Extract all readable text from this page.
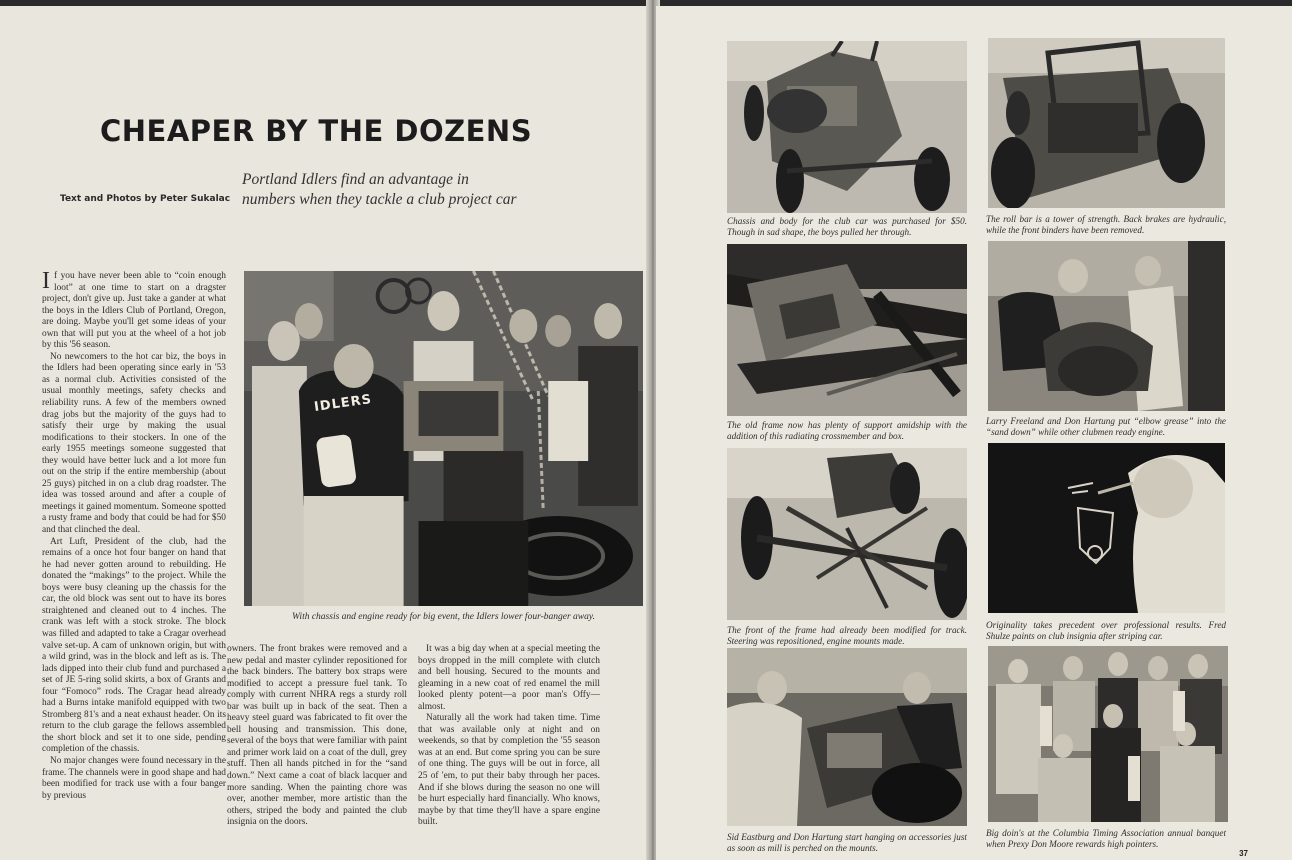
CHEAPER BY THE DOZENS
Text and Photos by Peter Sukalac
Portland Idlers find an advantage in numbers when they tackle a club project car

If you have never been able to “coin enough loot” at one time to start on a dragster project, don't give up. Just take a gander at what the boys in the Idlers Club of Portland, Oregon, are doing. Maybe you'll get some ideas of your own that will put you at the wheel of a hot job by this '56 season.

No newcomers to the hot car biz, the boys in the Idlers had been operating since early in '53 as a normal club. Activities consisted of the usual monthly meetings, safety checks and reliability runs. A few of the members owned drag jobs but the majority of the guys had to satisfy their urge by making the usual modifications to their stockers. In one of the early 1955 meetings someone suggested that they would have better luck and a lot more fun out on the strip if the entire membership (about 25 guys) pitched in on a club drag roadster. The idea was tossed around and after a couple of meetings it gained momentum. Someone spotted a rusty frame and body that could be had for $50 and that clinched the deal.

Art Luft, President of the club, had the remains of a once hot four banger on hand that he had never gotten around to rebuilding. He donated the “makings” to the project. While the boys were busy cleaning up the chassis for the car, the old block was sent out to have its bores straightened and cleaned out to 4 inches. The crank was left with a stock stroke. The block was filled and adapted to take a Cragar overhead valve set-up. A cam of unknown origin, but with a wild grind, was in the block and left as is. The lads dipped into their club fund and purchased a set of JE 5-ring solid skirts, a box of Grants and four “Fomoco” rods. The Cragar head already had a Burns intake manifold equipped with two Stromberg 81's and a neat exhaust header. On its return to the club garage the fellows assembled the short block and set it to one side, pending completion of the chassis.

No major changes were found necessary in the frame. The channels were in good shape and had been modified for track use with a four banger by previous

IDLERS
With chassis and engine ready for big event, the Idlers lower four-banger away.

owners. The front brakes were removed and a new pedal and master cylinder repositioned for the back binders. The battery box straps were modified to accept a pressure fuel tank. To comply with current NHRA regs a sturdy roll bar was built up in back of the seat. Then a heavy steel guard was fabricated to fit over the bell housing and transmission. This done, several of the boys that were familiar with paint and primer work laid on a coat of the dull, grey stuff. Then all hands pitched in for the “sand down.” Next came a coat of black lacquer and more sanding. When the painting chore was over, another member, more artistic than the others, striped the body and painted the club insignia on the doors.

It was a big day when at a special meeting the boys dropped in the mill complete with clutch and bell housing. Secured to the mounts and gleaming in a new coat of red enamel the mill looked plenty potent—a poor man's Offy—almost.

Naturally all the work had taken time. Time that was available only at night and on weekends, so that by completion the '55 season was at an end. But come spring you can be sure of one thing. The guys will be out in force, all 25 of 'em, to put their baby through her paces. And if she blows during the season no one will be hurt especially hard financially. Who knows, maybe by that time they'll have a spare engine built.

Chassis and body for the club car was purchased for $50. Though in sad shape, the boys pulled her through.
The roll bar is a tower of strength. Back brakes are hydraulic, while the front binders have been removed.
The old frame now has plenty of support amidship with the addition of this radiating crossmember and box.
Larry Freeland and Don Hartung put “elbow grease” into the “sand down” while other clubmen ready engine.
The front of the frame had already been modified for track. Steering was repositioned, engine mounts made.
Originality takes precedent over professional results. Fred Shulze paints on club insignia after striping car.
Sid Eastburg and Don Hartung start hanging on accessories just as soon as mill is perched on the mounts.
Big doin's at the Columbia Timing Association annual banquet when Prexy Don Moore rewards high pointers.
37
